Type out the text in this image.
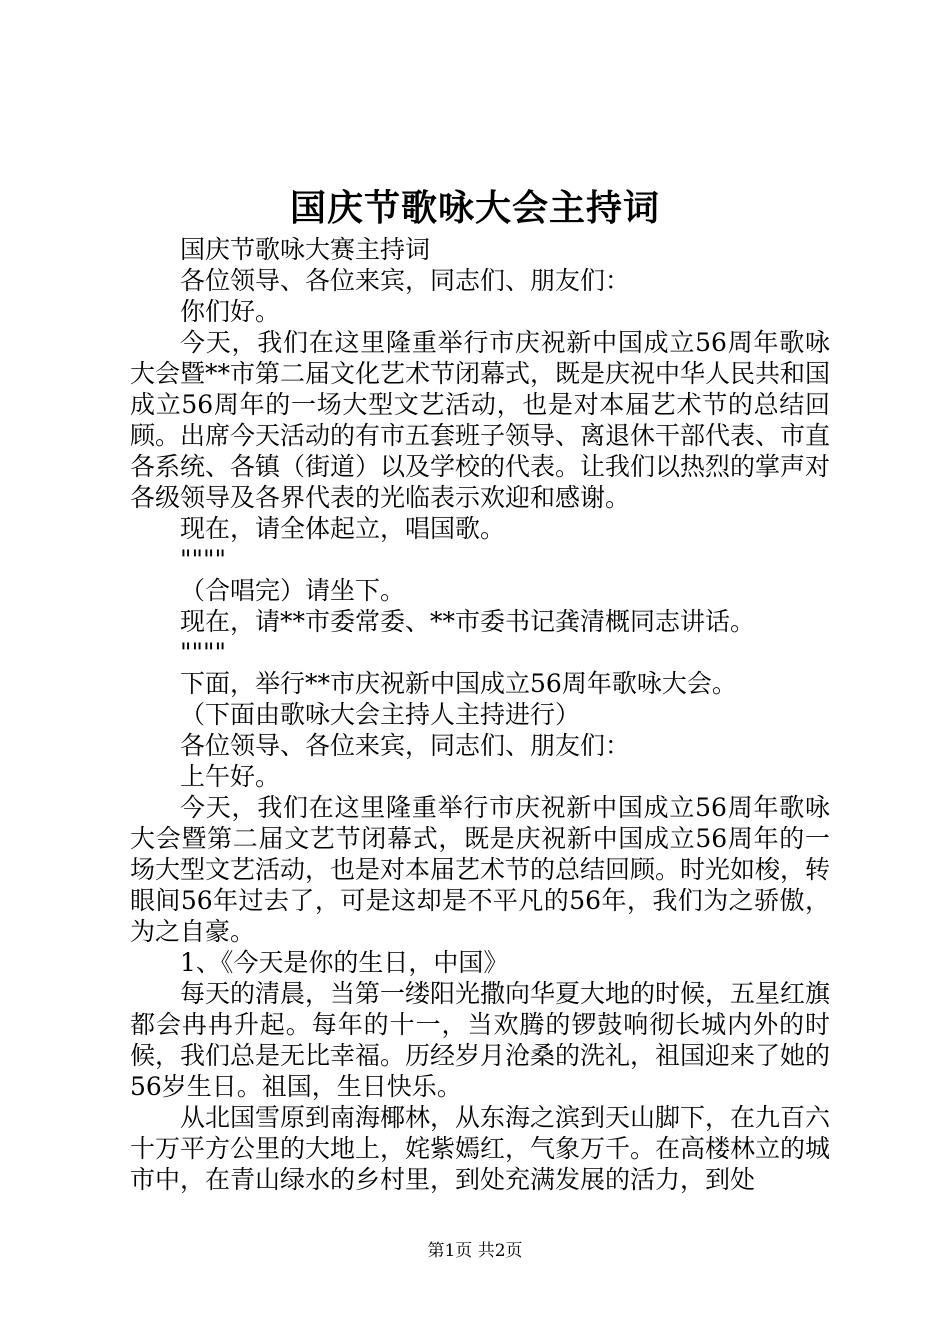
国庆节歌咏大会主持词

国庆节歌咏大赛主持词

各位领导、各位来宾，同志们、朋友们：

你们好。

今天，我们在这里隆重举行市庆祝新中国成立56周年歌咏大会暨**市第二届文化艺术节闭幕式，既是庆祝中华人民共和国成立56周年的一场大型文艺活动，也是对本届艺术节的总结回顾。出席今天活动的有市五套班子领导、离退休干部代表、市直各系统、各镇（街道）以及学校的代表。让我们以热烈的掌声对各级领导及各界代表的光临表示欢迎和感谢。

现在，请全体起立，唱国歌。

""""

（合唱完）请坐下。

现在，请**市委常委、**市委书记龚清概同志讲话。

""""

下面，举行**市庆祝新中国成立56周年歌咏大会。

（下面由歌咏大会主持人主持进行）

各位领导、各位来宾，同志们、朋友们：

上午好。

今天，我们在这里隆重举行市庆祝新中国成立56周年歌咏大会暨第二届文艺节闭幕式，既是庆祝新中国成立56周年的一场大型文艺活动，也是对本届艺术节的总结回顾。时光如梭，转眼间56年过去了，可是这却是不平凡的56年，我们为之骄傲，为之自豪。

1、《今天是你的生日，中国》

每天的清晨，当第一缕阳光撒向华夏大地的时候，五星红旗都会冉冉升起。每年的十一，当欢腾的锣鼓响彻长城内外的时候，我们总是无比幸福。历经岁月沧桑的洗礼，祖国迎来了她的56岁生日。祖国，生日快乐。

从北国雪原到南海椰林，从东海之滨到天山脚下，在九百六十万平方公里的大地上，姹紫嫣红，气象万千。在高楼林立的城市中，在青山绿水的乡村里，到处充满发展的活力，到处

第1页 共2页
